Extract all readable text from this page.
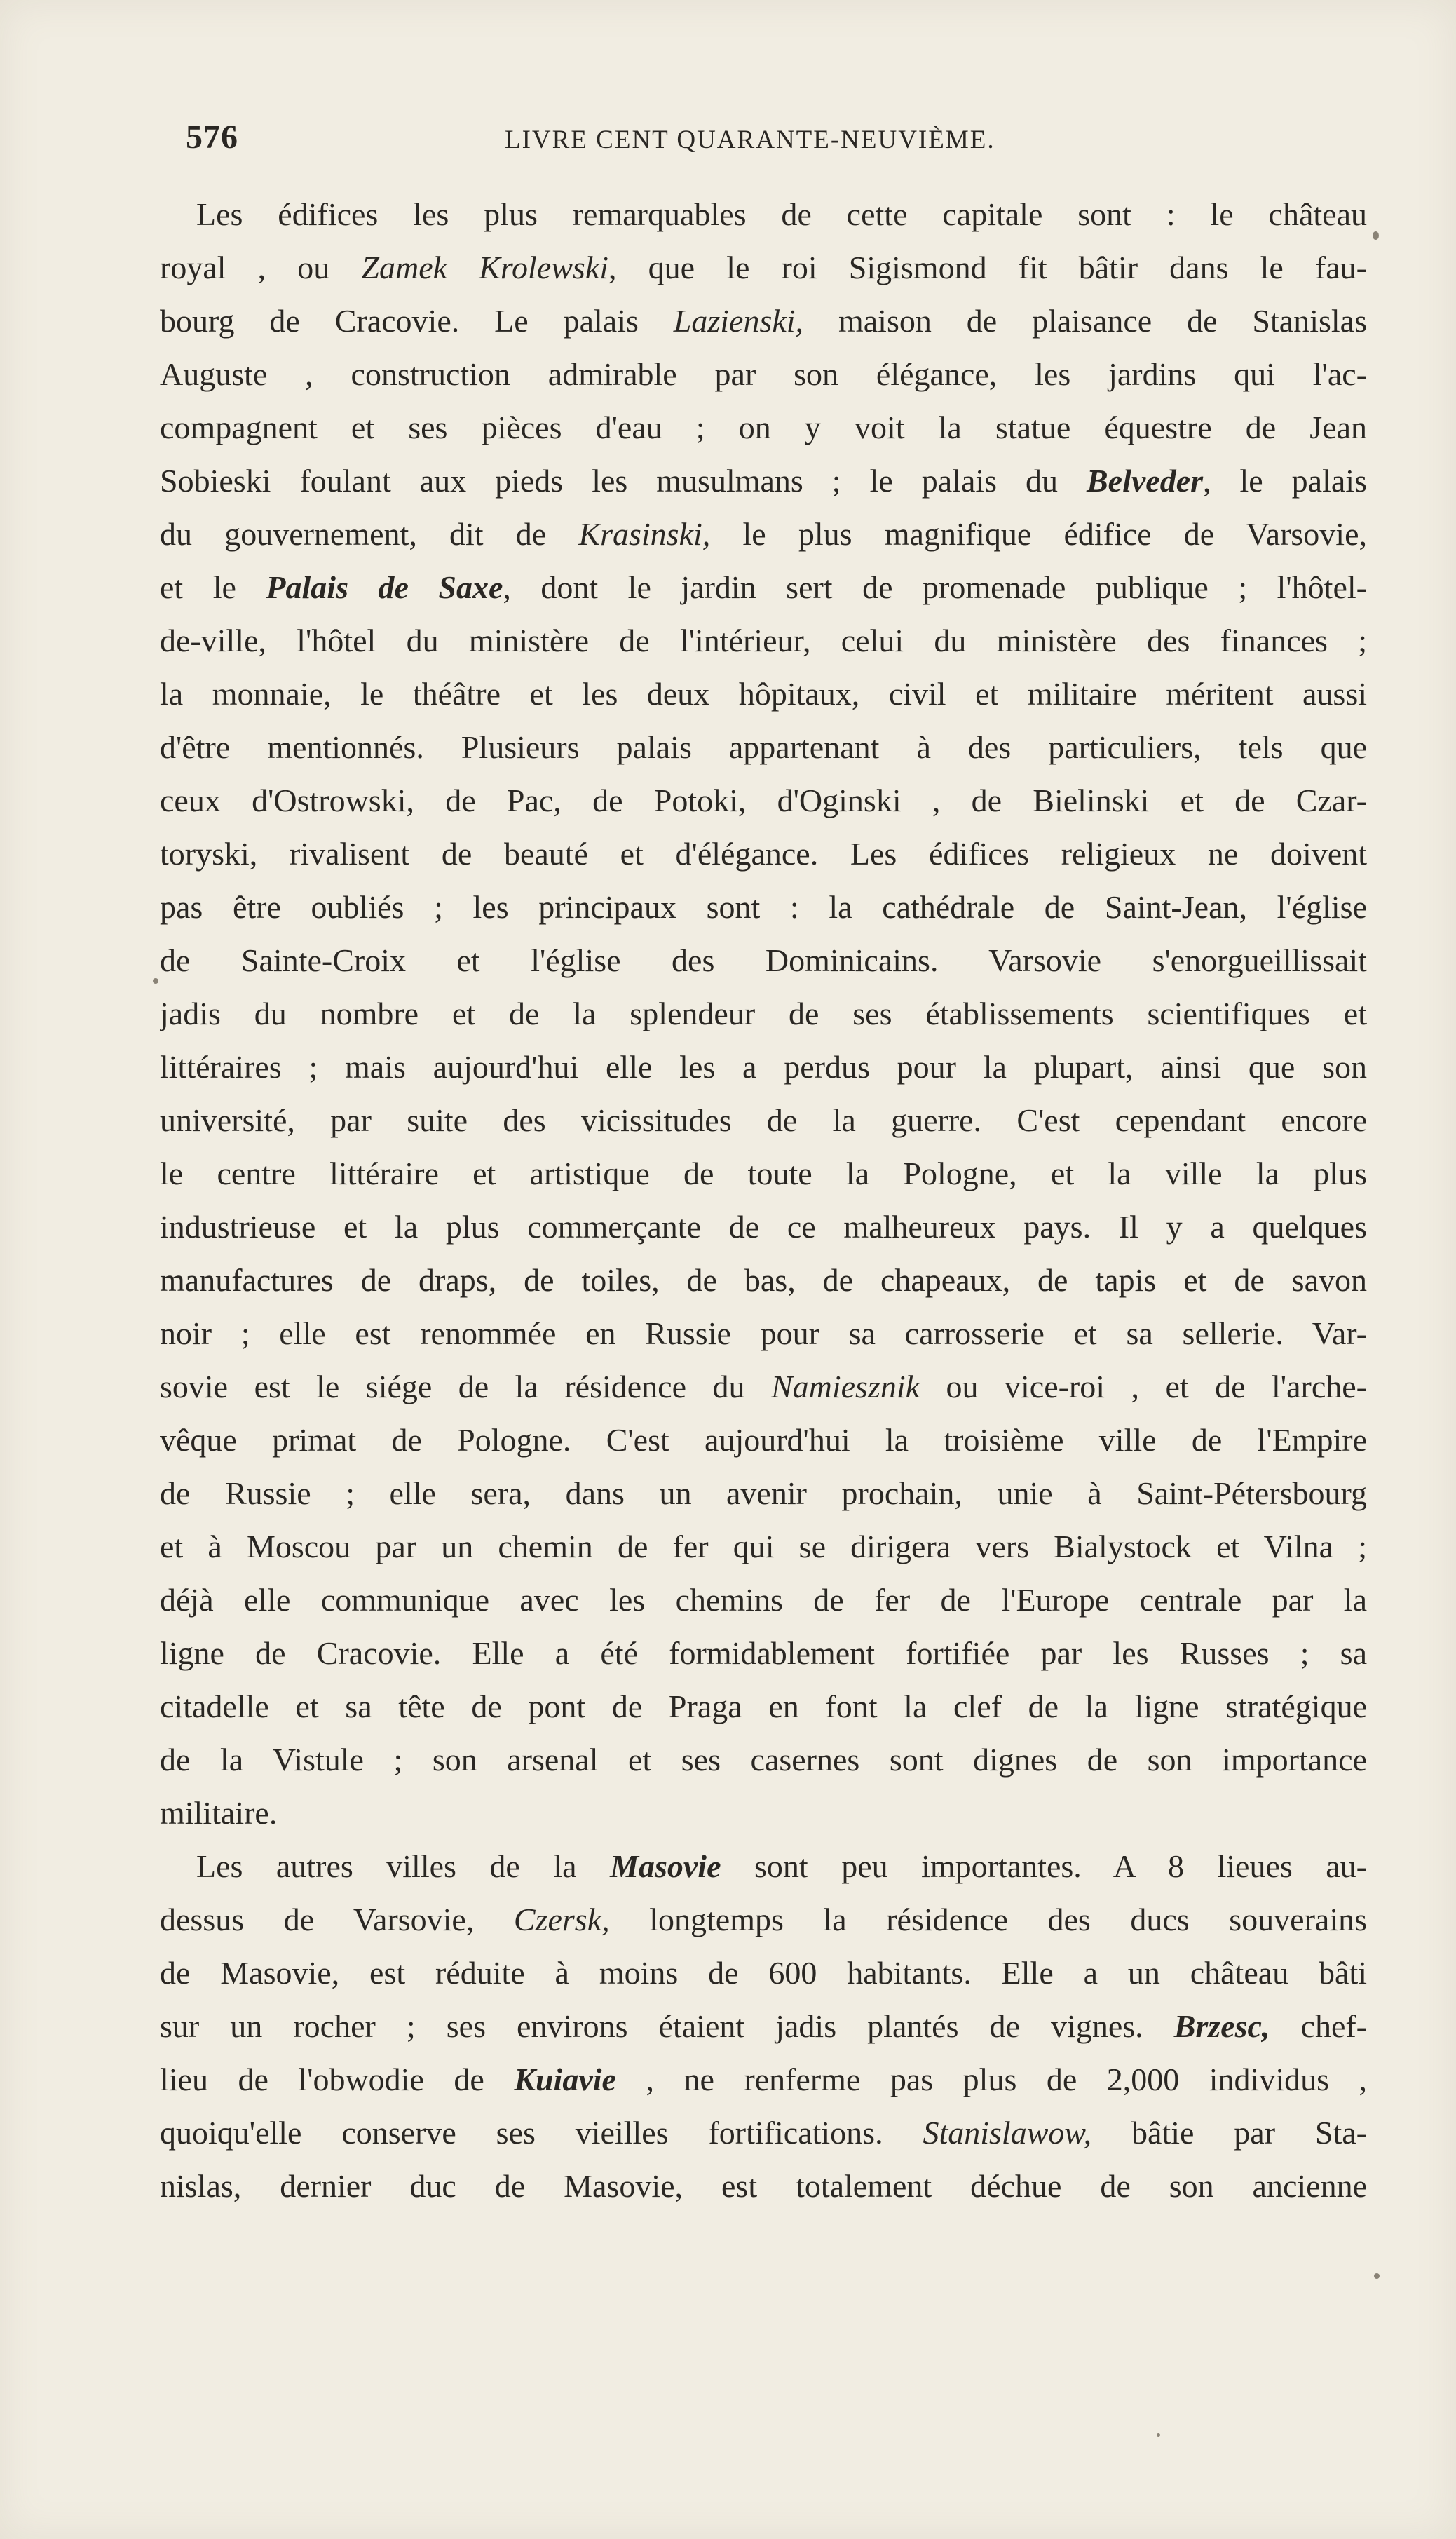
576	LIVRE CENT QUARANTE-NEUVIÈME.
Les édifices les plus remarquables de cette capitale sont : le château
royal , ou Zamek Krolewski, que le roi Sigismond fit bâtir dans le fau-
bourg de Cracovie. Le palais Lazienski, maison de plaisance de Stanislas
Auguste , construction admirable par son élégance, les jardins qui l'ac-
compagnent et ses pièces d'eau ; on y voit la statue équestre de Jean
Sobieski foulant aux pieds les musulmans ; le palais du Belveder, le palais
du gouvernement, dit de Krasinski, le plus magnifique édifice de Varsovie,
et le Palais de Saxe, dont le jardin sert de promenade publique ; l'hôtel-
de-ville, l'hôtel du ministère de l'intérieur, celui du ministère des finances ;
la monnaie, le théâtre et les deux hôpitaux, civil et militaire méritent aussi
d'être mentionnés. Plusieurs palais appartenant à des particuliers, tels que
ceux d'Ostrowski, de Pac, de Potoki, d'Oginski , de Bielinski et de Czar-
toryski, rivalisent de beauté et d'élégance. Les édifices religieux ne doivent
pas être oubliés ; les principaux sont : la cathédrale de Saint-Jean, l'église
de Sainte-Croix et l'église des Dominicains. Varsovie s'enorgueillissait
jadis du nombre et de la splendeur de ses établissements scientifiques et
littéraires ; mais aujourd'hui elle les a perdus pour la plupart, ainsi que son
université, par suite des vicissitudes de la guerre. C'est cependant encore
le centre littéraire et artistique de toute la Pologne, et la ville la plus
industrieuse et la plus commerçante de ce malheureux pays. Il y a quelques
manufactures de draps, de toiles, de bas, de chapeaux, de tapis et de savon
noir ; elle est renommée en Russie pour sa carrosserie et sa sellerie. Var-
sovie est le siége de la résidence du Namiesznik ou vice-roi , et de l'arche-
vêque primat de Pologne. C'est aujourd'hui la troisième ville de l'Empire
de Russie ; elle sera, dans un avenir prochain, unie à Saint-Pétersbourg
et à Moscou par un chemin de fer qui se dirigera vers Bialystock et Vilna ;
déjà elle communique avec les chemins de fer de l'Europe centrale par la
ligne de Cracovie. Elle a été formidablement fortifiée par les Russes ; sa
citadelle et sa tête de pont de Praga en font la clef de la ligne stratégique
de la Vistule ; son arsenal et ses casernes sont dignes de son importance
militaire.
Les autres villes de la Masovie sont peu importantes. A 8 lieues au-
dessus de Varsovie, Czersk, longtemps la résidence des ducs souverains
de Masovie, est réduite à moins de 600 habitants. Elle a un château bâti
sur un rocher ; ses environs étaient jadis plantés de vignes. Brzesc, chef-
lieu de l'obwodie de Kuiavie , ne renferme pas plus de 2,000 individus ,
quoiqu'elle conserve ses vieilles fortifications. Stanislawow, bâtie par Sta-
nislas, dernier duc de Masovie, est totalement déchue de son ancienne
